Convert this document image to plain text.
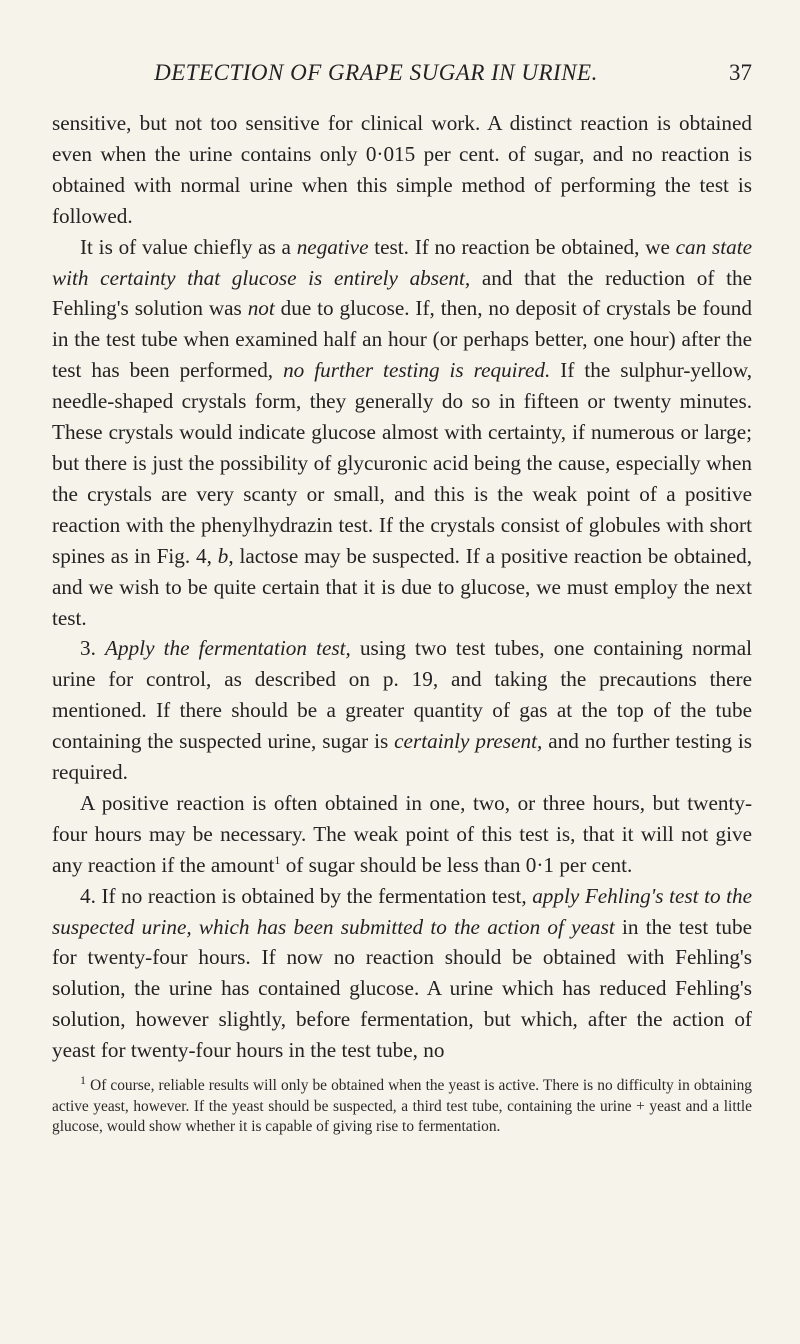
DETECTION OF GRAPE SUGAR IN URINE.	37

sensitive, but not too sensitive for clinical work. A distinct reaction is obtained even when the urine contains only 0·015 per cent. of sugar, and no reaction is obtained with normal urine when this simple method of performing the test is followed.

It is of value chiefly as a negative test. If no reaction be obtained, we can state with certainty that glucose is entirely absent, and that the reduction of the Fehling's solution was not due to glucose. If, then, no deposit of crystals be found in the test tube when examined half an hour (or perhaps better, one hour) after the test has been performed, no further testing is required. If the sulphur-yellow, needle-shaped crystals form, they generally do so in fifteen or twenty minutes. These crystals would indicate glucose almost with certainty, if numerous or large; but there is just the possibility of glycuronic acid being the cause, especially when the crystals are very scanty or small, and this is the weak point of a positive reaction with the phenylhydrazin test. If the crystals consist of globules with short spines as in Fig. 4, b, lactose may be suspected. If a positive reaction be obtained, and we wish to be quite certain that it is due to glucose, we must employ the next test.

3. Apply the fermentation test, using two test tubes, one containing normal urine for control, as described on p. 19, and taking the precautions there mentioned. If there should be a greater quantity of gas at the top of the tube containing the suspected urine, sugar is certainly present, and no further testing is required.

A positive reaction is often obtained in one, two, or three hours, but twenty-four hours may be necessary. The weak point of this test is, that it will not give any reaction if the amount$^1$ of sugar should be less than 0·1 per cent.

4. If no reaction is obtained by the fermentation test, apply Fehling's test to the suspected urine, which has been submitted to the action of yeast in the test tube for twenty-four hours. If now no reaction should be obtained with Fehling's solution, the urine has contained glucose. A urine which has reduced Fehling's solution, however slightly, before fermentation, but which, after the action of yeast for twenty-four hours in the test tube, no

$^1$ Of course, reliable results will only be obtained when the yeast is active. There is no difficulty in obtaining active yeast, however. If the yeast should be suspected, a third test tube, containing the urine + yeast and a little glucose, would show whether it is capable of giving rise to fermentation.
